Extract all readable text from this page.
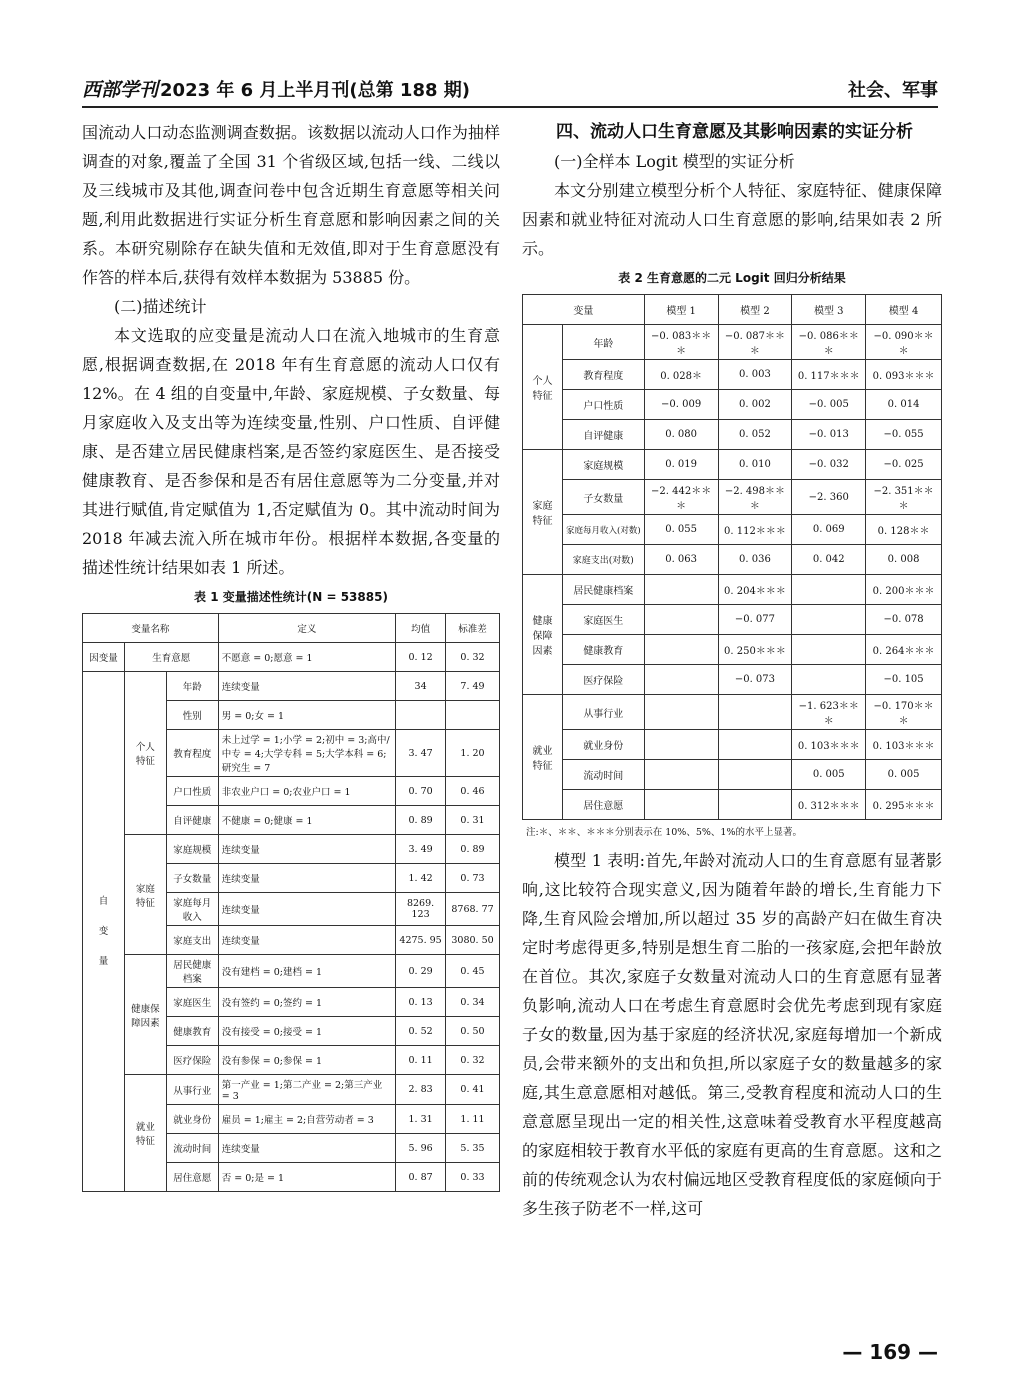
西部学刊 2023 年 6 月上半月刊(总第 188 期)	社会、军事

国流动人口动态监测调查数据。该数据以流动人口作为抽样调查的对象,覆盖了全国 31 个省级区域,包括一线、二线以及三线城市及其他,调查问卷中包含近期生育意愿等相关问题,利用此数据进行实证分析生育意愿和影响因素之间的关系。本研究剔除存在缺失值和无效值,即对于生育意愿没有作答的样本后,获得有效样本数据为 53885 份。

(二)描述统计

本文选取的应变量是流动人口在流入地城市的生育意愿,根据调查数据,在 2018 年有生育意愿的流动人口仅有 12%。在 4 组的自变量中,年龄、家庭规模、子女数量、每月家庭收入及支出等为连续变量,性别、户口性质、自评健康、是否建立居民健康档案,是否签约家庭医生、是否接受健康教育、是否参保和是否有居住意愿等为二分变量,并对其进行赋值,肯定赋值为 1,否定赋值为 0。其中流动时间为 2018 年减去流入所在城市年份。根据样本数据,各变量的描述性统计结果如表 1 所述。

表 1 变量描述性统计(N = 53885)
变量名称			定义	均值	标准差
因变量	生育意愿		不愿意 = 0;愿意 = 1	0. 12	0. 32
自 变 量	个人特征	年龄	连续变量	34	7. 49
		性别	男 = 0;女 = 1		
		教育程度	未上过学 = 1;小学 = 2;初中 = 3;高中/中专 = 4;大学专科 = 5;大学本科 = 6;研究生 = 7	3. 47	1. 20
		户口性质	非农业户口 = 0;农业户口 = 1	0. 70	0. 46
		自评健康	不健康 = 0;健康 = 1	0. 89	0. 31
	家庭特征	家庭规模	连续变量	3. 49	0. 89
		子女数量	连续变量	1. 42	0. 73
		家庭每月收入	连续变量	8269. 123	8768. 77
		家庭支出	连续变量	4275. 95	3080. 50
	健康保障因素	居民健康档案	没有建档 = 0;建档 = 1	0. 29	0. 45
		家庭医生	没有签约 = 0;签约 = 1	0. 13	0. 34
		健康教育	没有接受 = 0;接受 = 1	0. 52	0. 50
		医疗保险	没有参保 = 0;参保 = 1	0. 11	0. 32
	就业特征	从事行业	第一产业 = 1;第二产业 = 2;第三产业 = 3	2. 83	0. 41
		就业身份	雇员 = 1;雇主 = 2;自营劳动者 = 3	1. 31	1. 11
		流动时间	连续变量	5. 96	5. 35
		居住意愿	否 = 0;是 = 1	0. 87	0. 33
四、流动人口生育意愿及其影响因素的实证分析
(一)全样本 Logit 模型的实证分析

本文分别建立模型分析个人特征、家庭特征、健康保障因素和就业特征对流动人口生育意愿的影响,结果如表 2 所示。

表 2 生育意愿的二元 Logit 回归分析结果
变量		模型 1	模型 2	模型 3	模型 4
个人特征	年龄	−0. 083＊＊＊	−0. 087＊＊＊	−0. 086＊＊＊	−0. 090＊＊＊
	教育程度	0. 028＊	0. 003	0. 117＊＊＊	0. 093＊＊＊
	户口性质	−0. 009	0. 002	−0. 005	0. 014
	自评健康	0. 080	0. 052	−0. 013	−0. 055
家庭特征	家庭规模	0. 019	0. 010	−0. 032	−0. 025
	子女数量	−2. 442＊＊＊	−2. 498＊＊＊	−2. 360	−2. 351＊＊＊
	家庭每月收入(对数)	0. 055	0. 112＊＊＊	0. 069	0. 128＊＊
	家庭支出(对数)	0. 063	0. 036	0. 042	0. 008
健康保障因素	居民健康档案		0. 204＊＊＊		0. 200＊＊＊
	家庭医生		−0. 077		−0. 078
	健康教育		0. 250＊＊＊		0. 264＊＊＊
	医疗保险		−0. 073		−0. 105
就业特征	从事行业			−1. 623＊＊＊	−0. 170＊＊＊
	就业身份			0. 103＊＊＊	0. 103＊＊＊
	流动时间			0. 005	0. 005
	居住意愿			0. 312＊＊＊	0. 295＊＊＊
注:＊、＊＊、＊＊＊分别表示在 10%、5%、1%的水平上显著。

模型 1 表明:首先,年龄对流动人口的生育意愿有显著影响,这比较符合现实意义,因为随着年龄的增长,生育能力下降,生育风险会增加,所以超过 35 岁的高龄产妇在做生育决定时考虑得更多,特别是想生育二胎的一孩家庭,会把年龄放在首位。其次,家庭子女数量对流动人口的生育意愿有显著负影响,流动人口在考虑生育意愿时会优先考虑到现有家庭子女的数量,因为基于家庭的经济状况,家庭每增加一个新成员,会带来额外的支出和负担,所以家庭子女的数量越多的家庭,其生意意愿相对越低。第三,受教育程度和流动人口的生意意愿呈现出一定的相关性,这意味着受教育水平程度越高的家庭相较于教育水平低的家庭有更高的生育意愿。这和之前的传统观念认为农村偏远地区受教育程度低的家庭倾向于多生孩子防老不一样,这可

— 169 —
